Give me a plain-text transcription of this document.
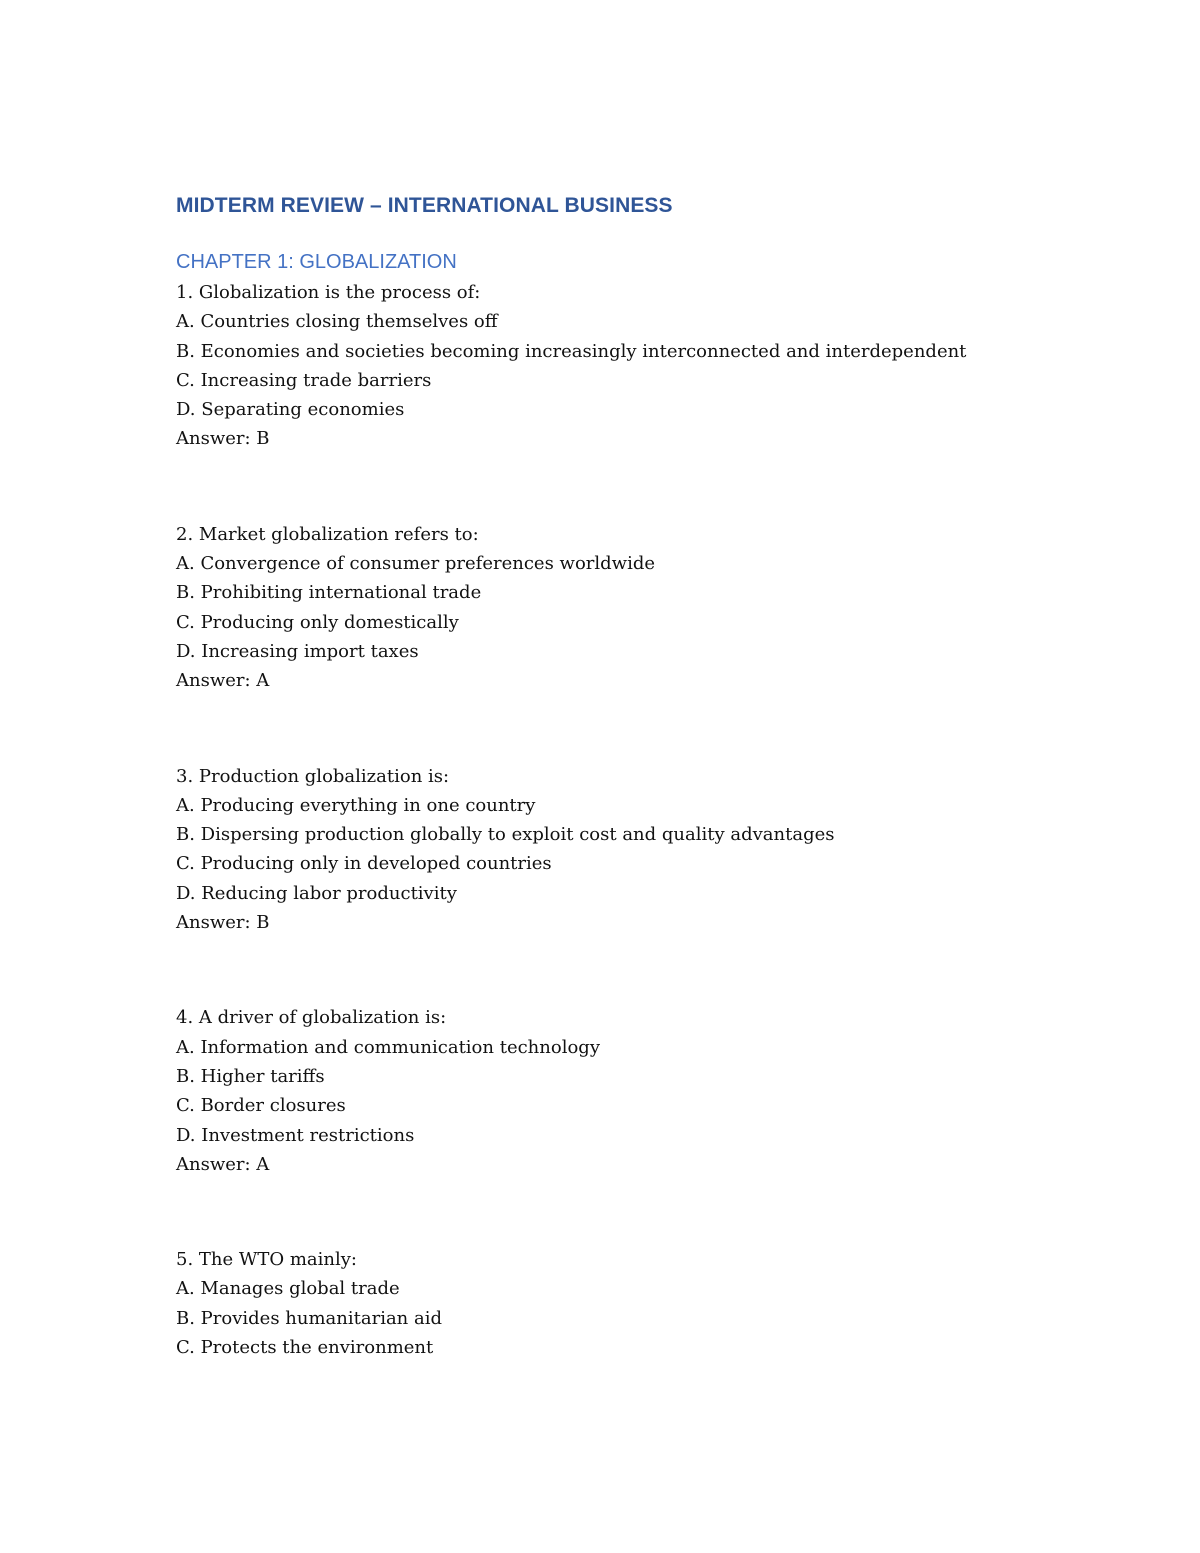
MIDTERM REVIEW – INTERNATIONAL BUSINESS
CHAPTER 1: GLOBALIZATION
1. Globalization is the process of:
A. Countries closing themselves off
B. Economies and societies becoming increasingly interconnected and interdependent
C. Increasing trade barriers
D. Separating economies
Answer: B
2. Market globalization refers to:
A. Convergence of consumer preferences worldwide
B. Prohibiting international trade
C. Producing only domestically
D. Increasing import taxes
Answer: A
3. Production globalization is:
A. Producing everything in one country
B. Dispersing production globally to exploit cost and quality advantages
C. Producing only in developed countries
D. Reducing labor productivity
Answer: B
4. A driver of globalization is:
A. Information and communication technology
B. Higher tariffs
C. Border closures
D. Investment restrictions
Answer: A
5. The WTO mainly:
A. Manages global trade
B. Provides humanitarian aid
C. Protects the environment
